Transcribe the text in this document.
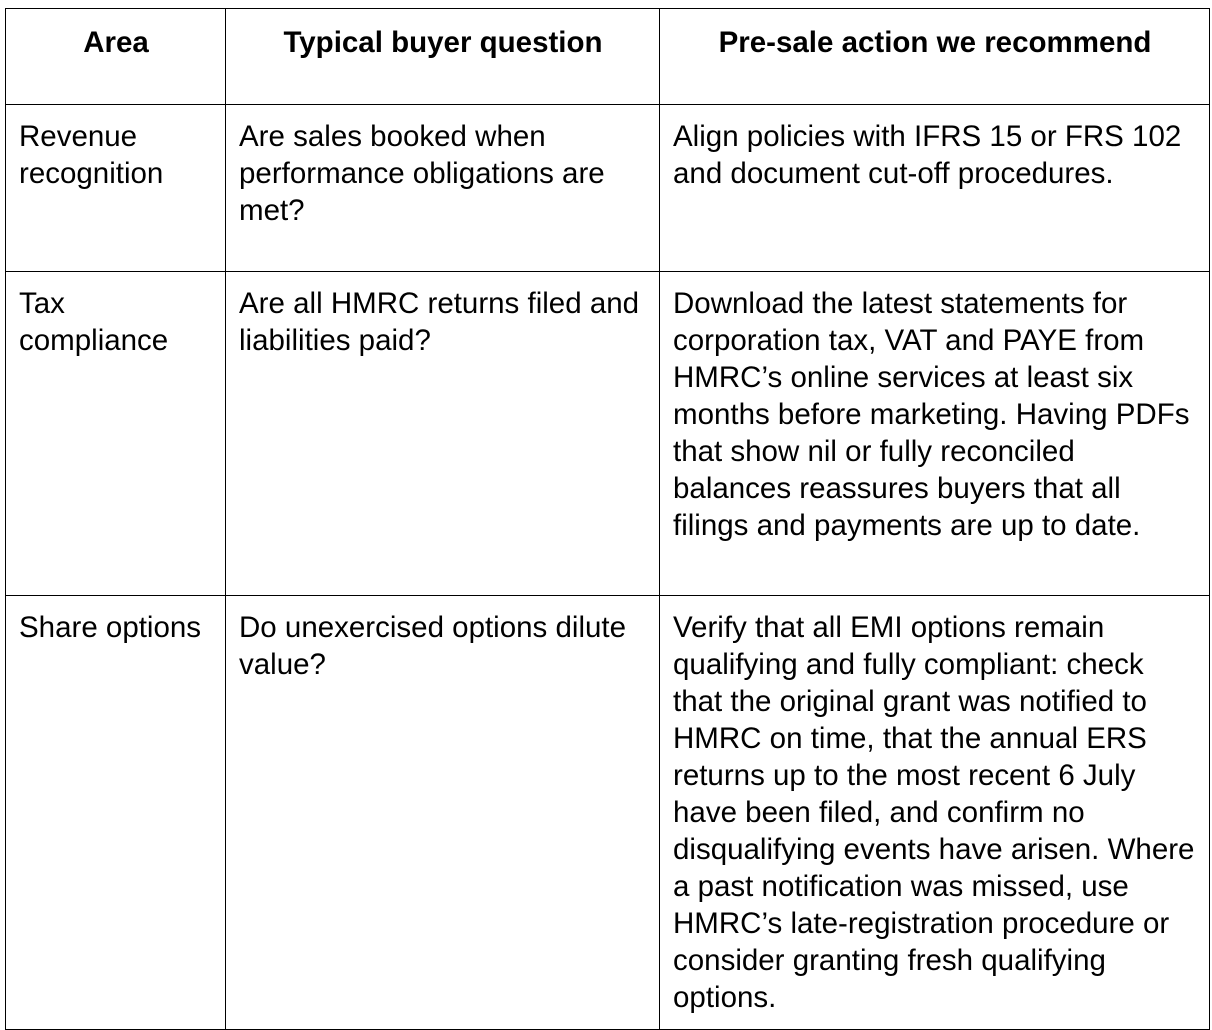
Area	Typical buyer question	Pre-sale action we recommend
Revenue recognition	Are sales booked when performance obligations are met?	Align policies with IFRS 15 or FRS 102 and document cut-off procedures.
Tax compliance	Are all HMRC returns filed and liabilities paid?	Download the latest statements for corporation tax, VAT and PAYE from HMRC’s online services at least six months before marketing. Having PDFs that show nil or fully reconciled balances reassures buyers that all filings and payments are up to date.
Share options	Do unexercised options dilute value?	Verify that all EMI options remain qualifying and fully compliant: check that the original grant was notified to HMRC on time, that the annual ERS returns up to the most recent 6 July have been filed, and confirm no disqualifying events have arisen. Where a past notification was missed, use HMRC’s late-registration procedure or consider granting fresh qualifying options.
